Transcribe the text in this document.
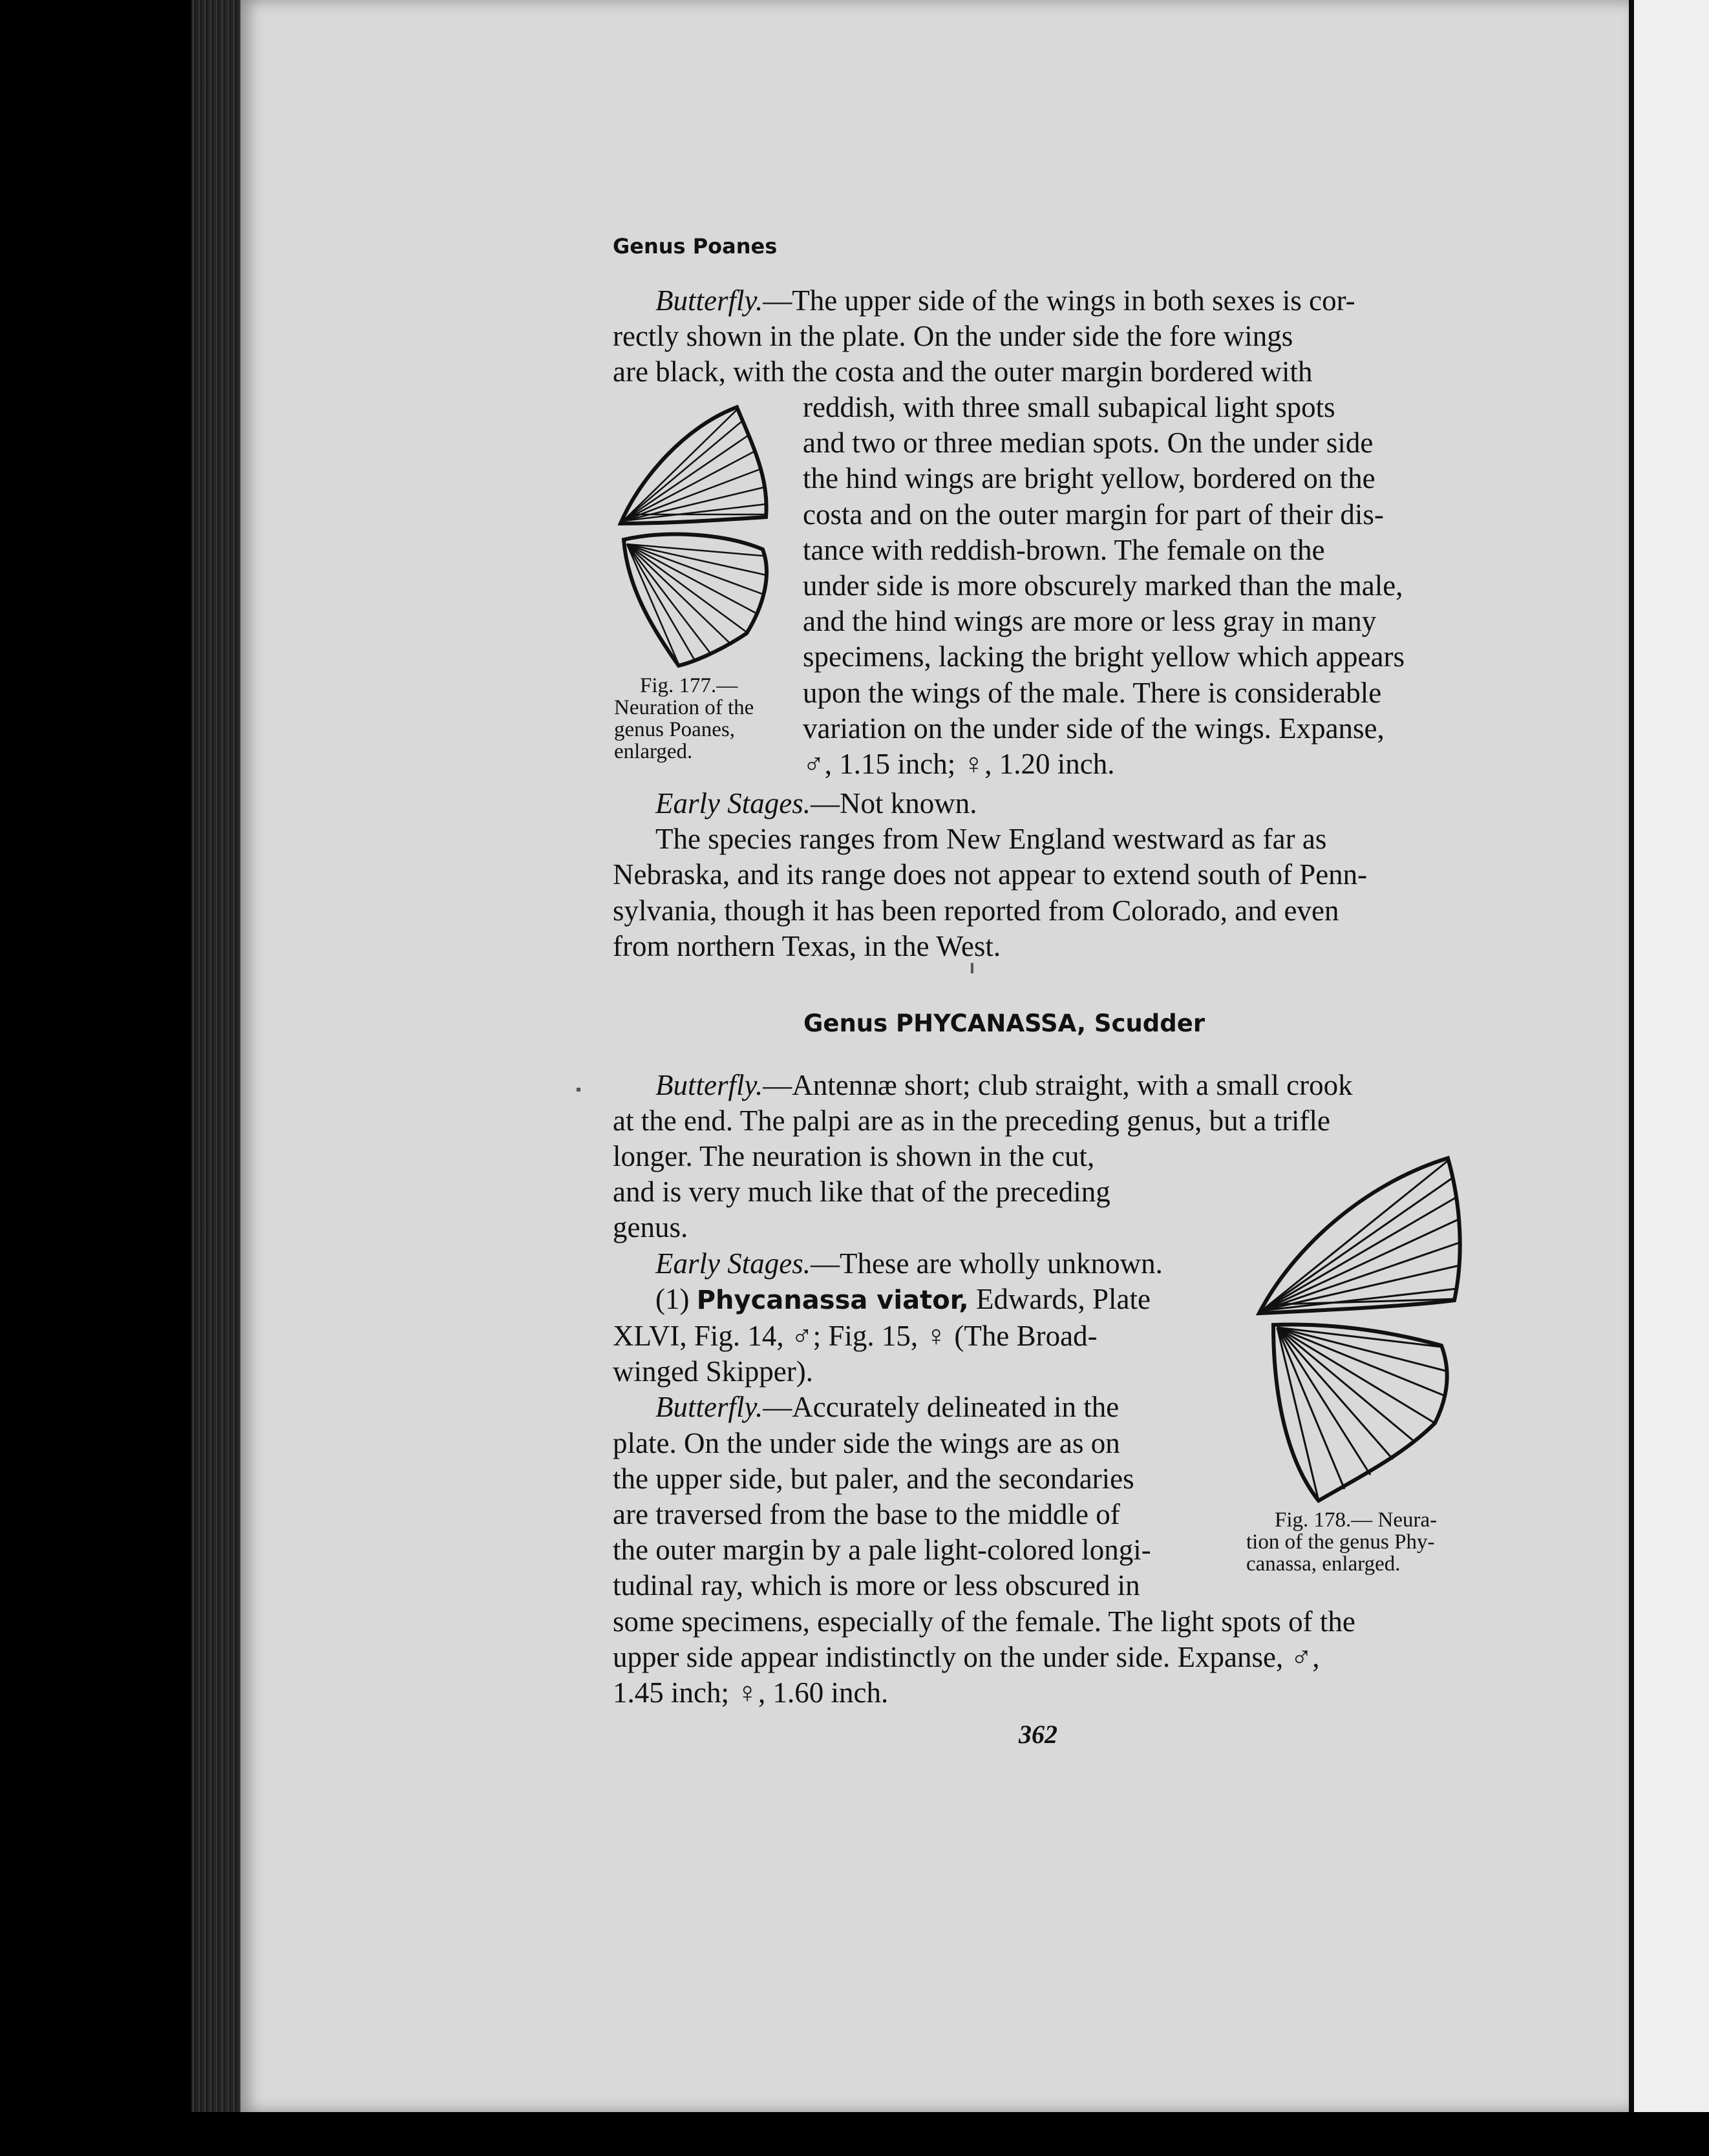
Genus Poanes
Butterfly.—The upper side of the wings in both sexes is cor-
rectly shown in the plate. On the under side the fore wings
are black, with the costa and the outer margin bordered with
reddish, with three small subapical light spots
and two or three median spots. On the under side
the hind wings are bright yellow, bordered on the
costa and on the outer margin for part of their dis-
tance with reddish-brown. The female on the
under side is more obscurely marked than the male,
and the hind wings are more or less gray in many
specimens, lacking the bright yellow which appears
upon the wings of the male. There is considerable
variation on the under side of the wings. Expanse,
♂, 1.15 inch; ♀, 1.20 inch.
Fig. 177.—
Neuration of the
genus Poanes,
enlarged.
Early Stages.—Not known.
The species ranges from New England westward as far as
Nebraska, and its range does not appear to extend south of Penn-
sylvania, though it has been reported from Colorado, and even
from northern Texas, in the West.
Genus PHYCANASSA, Scudder
Butterfly.—Antennæ short; club straight, with a small crook
at the end. The palpi are as in the preceding genus, but a trifle
longer. The neuration is shown in the cut,
and is very much like that of the preceding
genus.
Early Stages.—These are wholly unknown.
(1) Phycanassa viator, Edwards, Plate
XLVI, Fig. 14, ♂; Fig. 15, ♀ (The Broad-
winged Skipper).
Butterfly.—Accurately delineated in the
plate. On the under side the wings are as on
the upper side, but paler, and the secondaries
are traversed from the base to the middle of
the outer margin by a pale light-colored longi-
tudinal ray, which is more or less obscured in
some specimens, especially of the female. The light spots of the
upper side appear indistinctly on the under side. Expanse, ♂,
1.45 inch; ♀, 1.60 inch.
Fig. 178.— Neura-
tion of the genus Phy-
canassa, enlarged.
362
